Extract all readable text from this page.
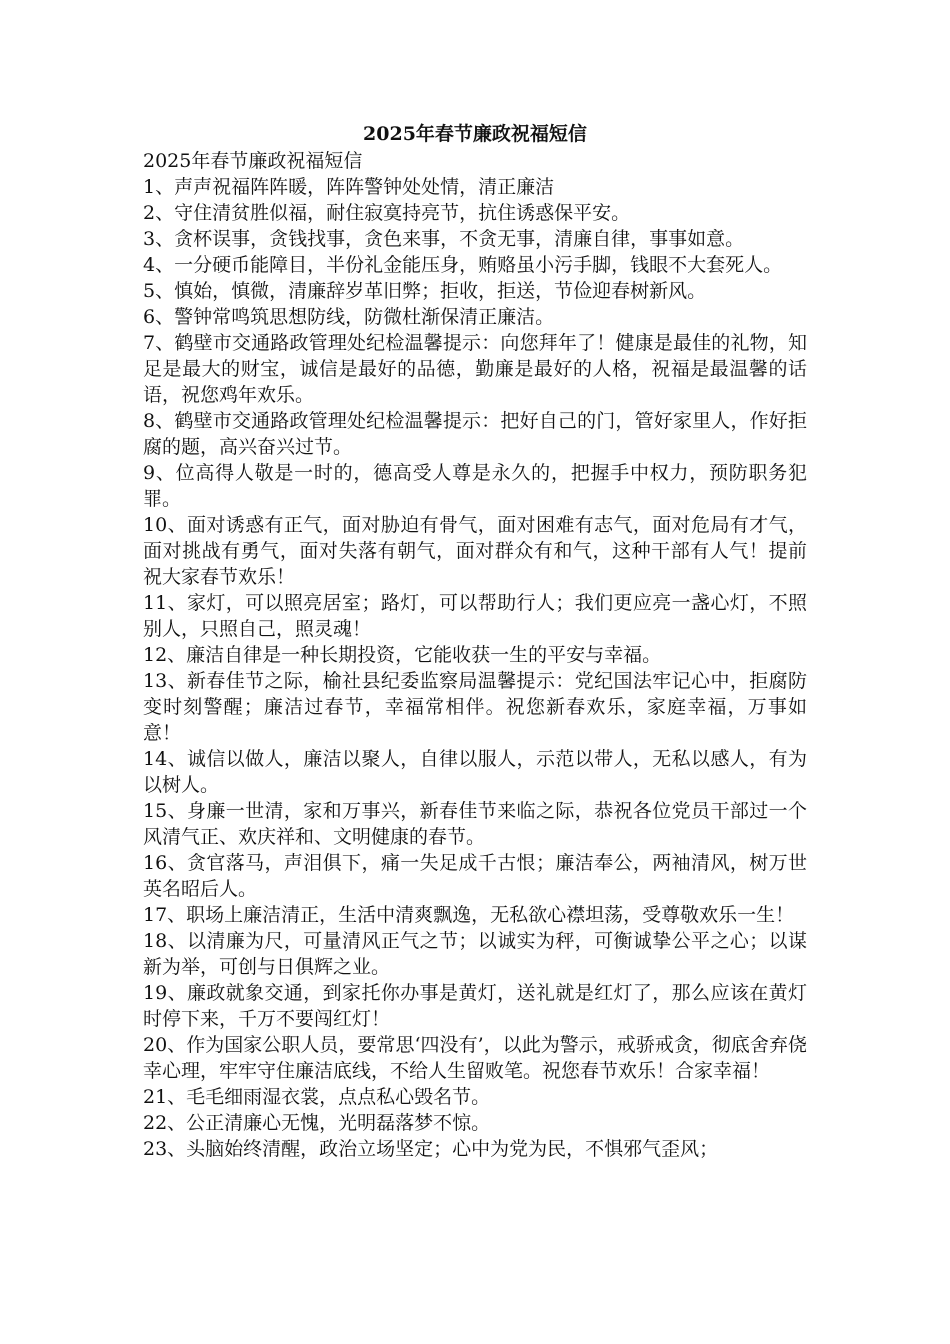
2025年春节廉政祝福短信

2025年春节廉政祝福短信

1、声声祝福阵阵暖，阵阵警钟处处情，清正廉洁
2、守住清贫胜似福，耐住寂寞持亮节，抗住诱惑保平安。
3、贪杯误事，贪钱找事，贪色来事，不贪无事，清廉自律，事事如意。
4、一分硬币能障目，半份礼金能压身，贿赂虽小污手脚，钱眼不大套死人。
5、慎始，慎微，清廉辞岁革旧弊；拒收，拒送，节俭迎春树新风。
6、警钟常鸣筑思想防线，防微杜渐保清正廉洁。
7、鹤壁市交通路政管理处纪检温馨提示：向您拜年了！健康是最佳的礼物，知足是最大的财宝，诚信是最好的品德，勤廉是最好的人格，祝福是最温馨的话语，祝您鸡年欢乐。
8、鹤壁市交通路政管理处纪检温馨提示：把好自己的门，管好家里人，作好拒腐的题，高兴奋兴过节。
9、位高得人敬是一时的，德高受人尊是永久的，把握手中权力，预防职务犯罪。
10、面对诱惑有正气，面对胁迫有骨气，面对困难有志气，面对危局有才气，面对挑战有勇气，面对失落有朝气，面对群众有和气，这种干部有人气！提前祝大家春节欢乐！
11、家灯，可以照亮居室；路灯，可以帮助行人；我们更应亮一盏心灯，不照别人，只照自己，照灵魂！
12、廉洁自律是一种长期投资，它能收获一生的平安与幸福。
13、新春佳节之际，榆社县纪委监察局温馨提示：党纪国法牢记心中，拒腐防变时刻警醒；廉洁过春节，幸福常相伴。祝您新春欢乐，家庭幸福，万事如意！
14、诚信以做人，廉洁以聚人，自律以服人，示范以带人，无私以感人，有为以树人。
15、身廉一世清，家和万事兴，新春佳节来临之际，恭祝各位党员干部过一个风清气正、欢庆祥和、文明健康的春节。
16、贪官落马，声泪俱下，痛一失足成千古恨；廉洁奉公，两袖清风，树万世英名昭后人。
17、职场上廉洁清正，生活中清爽飘逸，无私欲心襟坦荡，受尊敬欢乐一生！
18、以清廉为尺，可量清风正气之节；以诚实为秤，可衡诚挚公平之心；以谋新为举，可创与日俱辉之业。
19、廉政就象交通，到家托你办事是黄灯，送礼就是红灯了，那么应该在黄灯时停下来，千万不要闯红灯！
20、作为国家公职人员，要常思‘四没有’，以此为警示，戒骄戒贪，彻底舍弃侥幸心理，牢牢守住廉洁底线，不给人生留败笔。祝您春节欢乐！合家幸福！
21、毛毛细雨湿衣裳，点点私心毁名节。
22、公正清廉心无愧，光明磊落梦不惊。
23、头脑始终清醒，政治立场坚定；心中为党为民，不惧邪气歪风；
